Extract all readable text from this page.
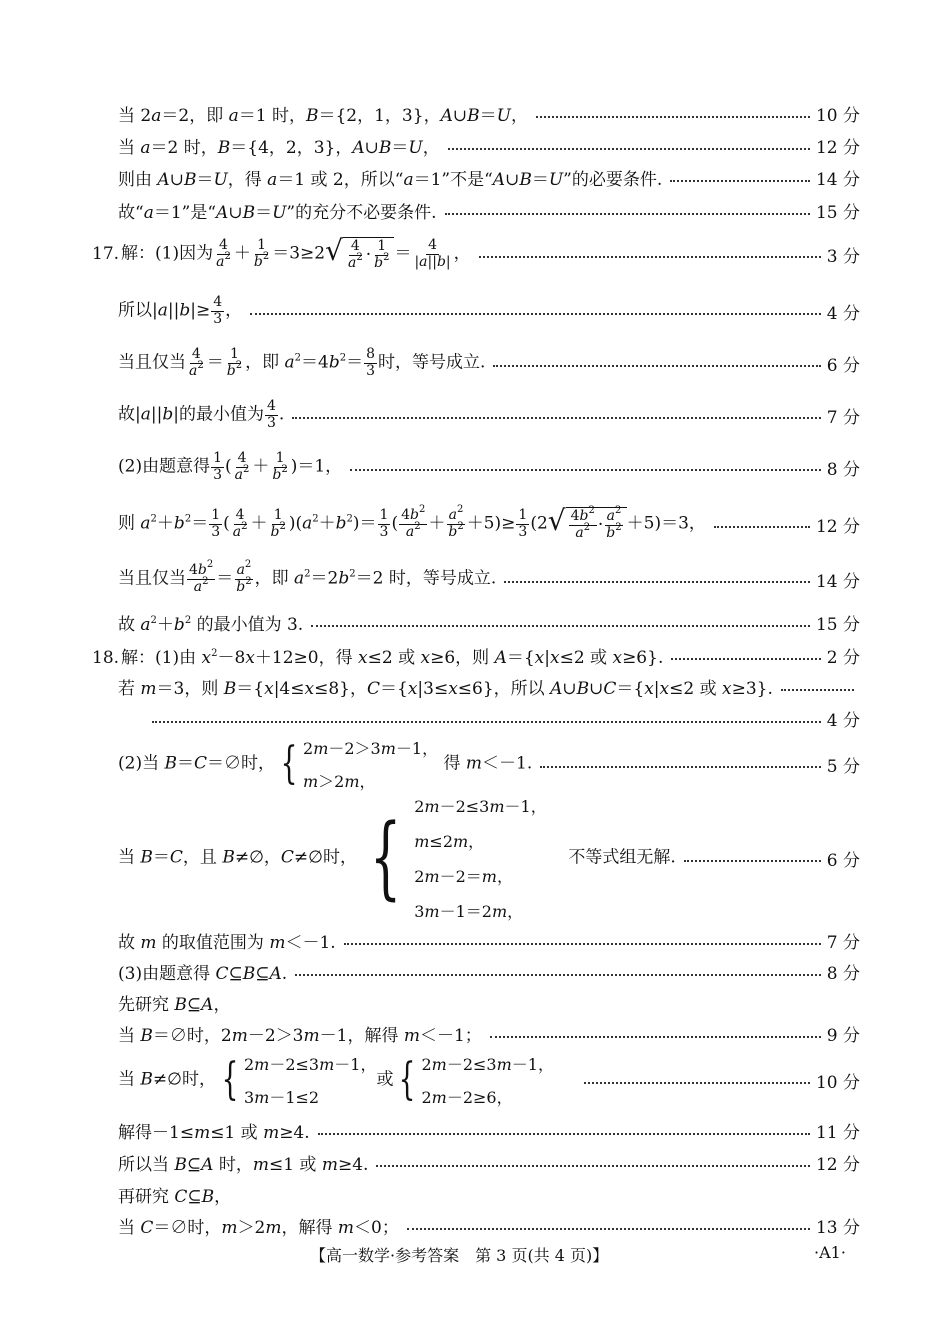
当 2a＝2，即 a＝1 时，B＝{2，1，3}，A∪B＝U，	10 分
当 a＝2 时，B＝{4，2，3}，A∪B＝U，	12 分
则由 A∪B＝U，得 a＝1 或 2，所以“a＝1”不是“A∪B＝U”的必要条件.	14 分
故“a＝1”是“A∪B＝U”的充分不必要条件.	15 分
17. 解：(1)因为 $\frac{4}{a^2} + \frac{1}{b^2} =3\ge 2$ √ $\frac{4}{a^2} \cdot \frac{1}{b^2} = \frac{4}{|a||b|}$ ，	3 分
所以$|a||b|\ge \frac{4}{3}$ ，	4 分
当且仅当 $\frac{4}{a^2} = \frac{1}{b^2}$ ，即 $a^2=4b^2= \frac{8}{3}$ 时，等号成立.	6 分
故|a||b|的最小值为 $\frac{4}{3}$ .	7 分
(2)由题意得 $\frac{1}{3}$ ( $\frac{4}{a^2} + \frac{1}{b^2} )=1$，	8 分
则 $a^2+b^2= \frac{1}{3}$ ( $\frac{4}{a^2} + \frac{1}{b^2} )(a^2+b^2)= \frac{1}{3}$ ( $\frac{4b^2}{a^2} + \frac{a^2}{b^2} +5)\ge \frac{1}{3} (2$ √ $\frac{4b^2}{a^2} \cdot \frac{a^2}{b^2} +5)=3$，	12 分
当且仅当 $\frac{4b^2}{a^2} = \frac{a^2}{b^2}$ ，即 $a^2=2b^2=2$ 时，等号成立.	14 分
故 $a^2+b^2$ 的最小值为 3.	15 分
18. 解：(1)由 $x^2-8x+12\ge 0$，得 x≤2 或 x≥6，则 A＝{x|x≤2 或 x≥6}.	2 分
若 m＝3，则 B＝{x|4≤x≤8}，C＝{x|3≤x≤6}，所以 A∪B∪C＝{x|x≤2 或 x≥3}.
4 分
(2)当 B＝C＝∅时， { 2m－2＞3m－1，
m＞2m，
得 m＜－1.	5 分
当 B＝C，且 B≠∅，C≠∅时， { 2m－2≤3m－1，
m≤2m，
2m－2＝m，
3m－1＝2m，
不等式组无解.	6 分
故 m 的取值范围为 m＜－1.	7 分
(3)由题意得 C⊆B⊆A.	8 分
先研究 B⊆A，
当 B＝∅时，2m－2＞3m－1，解得 m＜－1；	9 分
当 B≠∅时， { 2m－2≤3m－1，
3m－1≤2
或 { 2m－2≤3m－1，
2m－2≥6，
10 分
解得－1≤m≤1 或 m≥4.	11 分
所以当 B⊆A 时，m≤1 或 m≥4.	12 分
再研究 C⊆B，
当 C＝∅时，m＞2m，解得 m＜0；	13 分
【高一数学·参考答案　第 3 页(共 4 页)】	·A1·
